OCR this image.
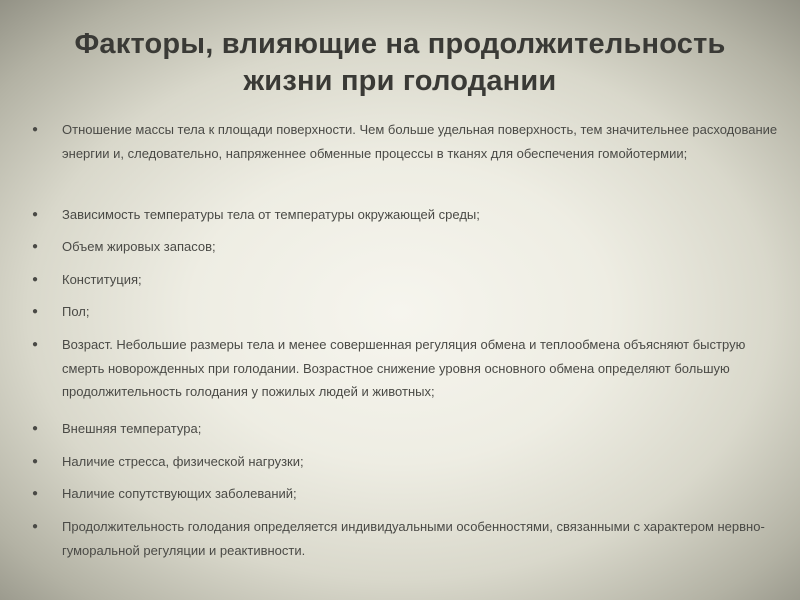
Факторы, влияющие на продолжительность
жизни при голодании
● Отношение массы тела к площади поверхности. Чем больше удельная поверхность, тем значительнее расходование энергии и, следовательно, напряженнее обменные процессы в тканях для обеспечения гомойотермии;
● Зависимость температуры тела от температуры окружающей среды;
● Объем жировых запасов;
● Конституция;
● Пол;
● Возраст. Небольшие размеры тела и менее совершенная регуляция обмена и теплообмена объясняют быструю смерть новорожденных при голодании. Возрастное снижение уровня основного обмена определяют большую продолжительность голодания у пожилых людей и животных;
● Внешняя температура;
● Наличие стресса, физической нагрузки;
● Наличие сопутствующих заболеваний;
● Продолжительность голодания определяется индивидуальными особенностями, связанными с характером нервно-гуморальной регуляции и реактивности.
